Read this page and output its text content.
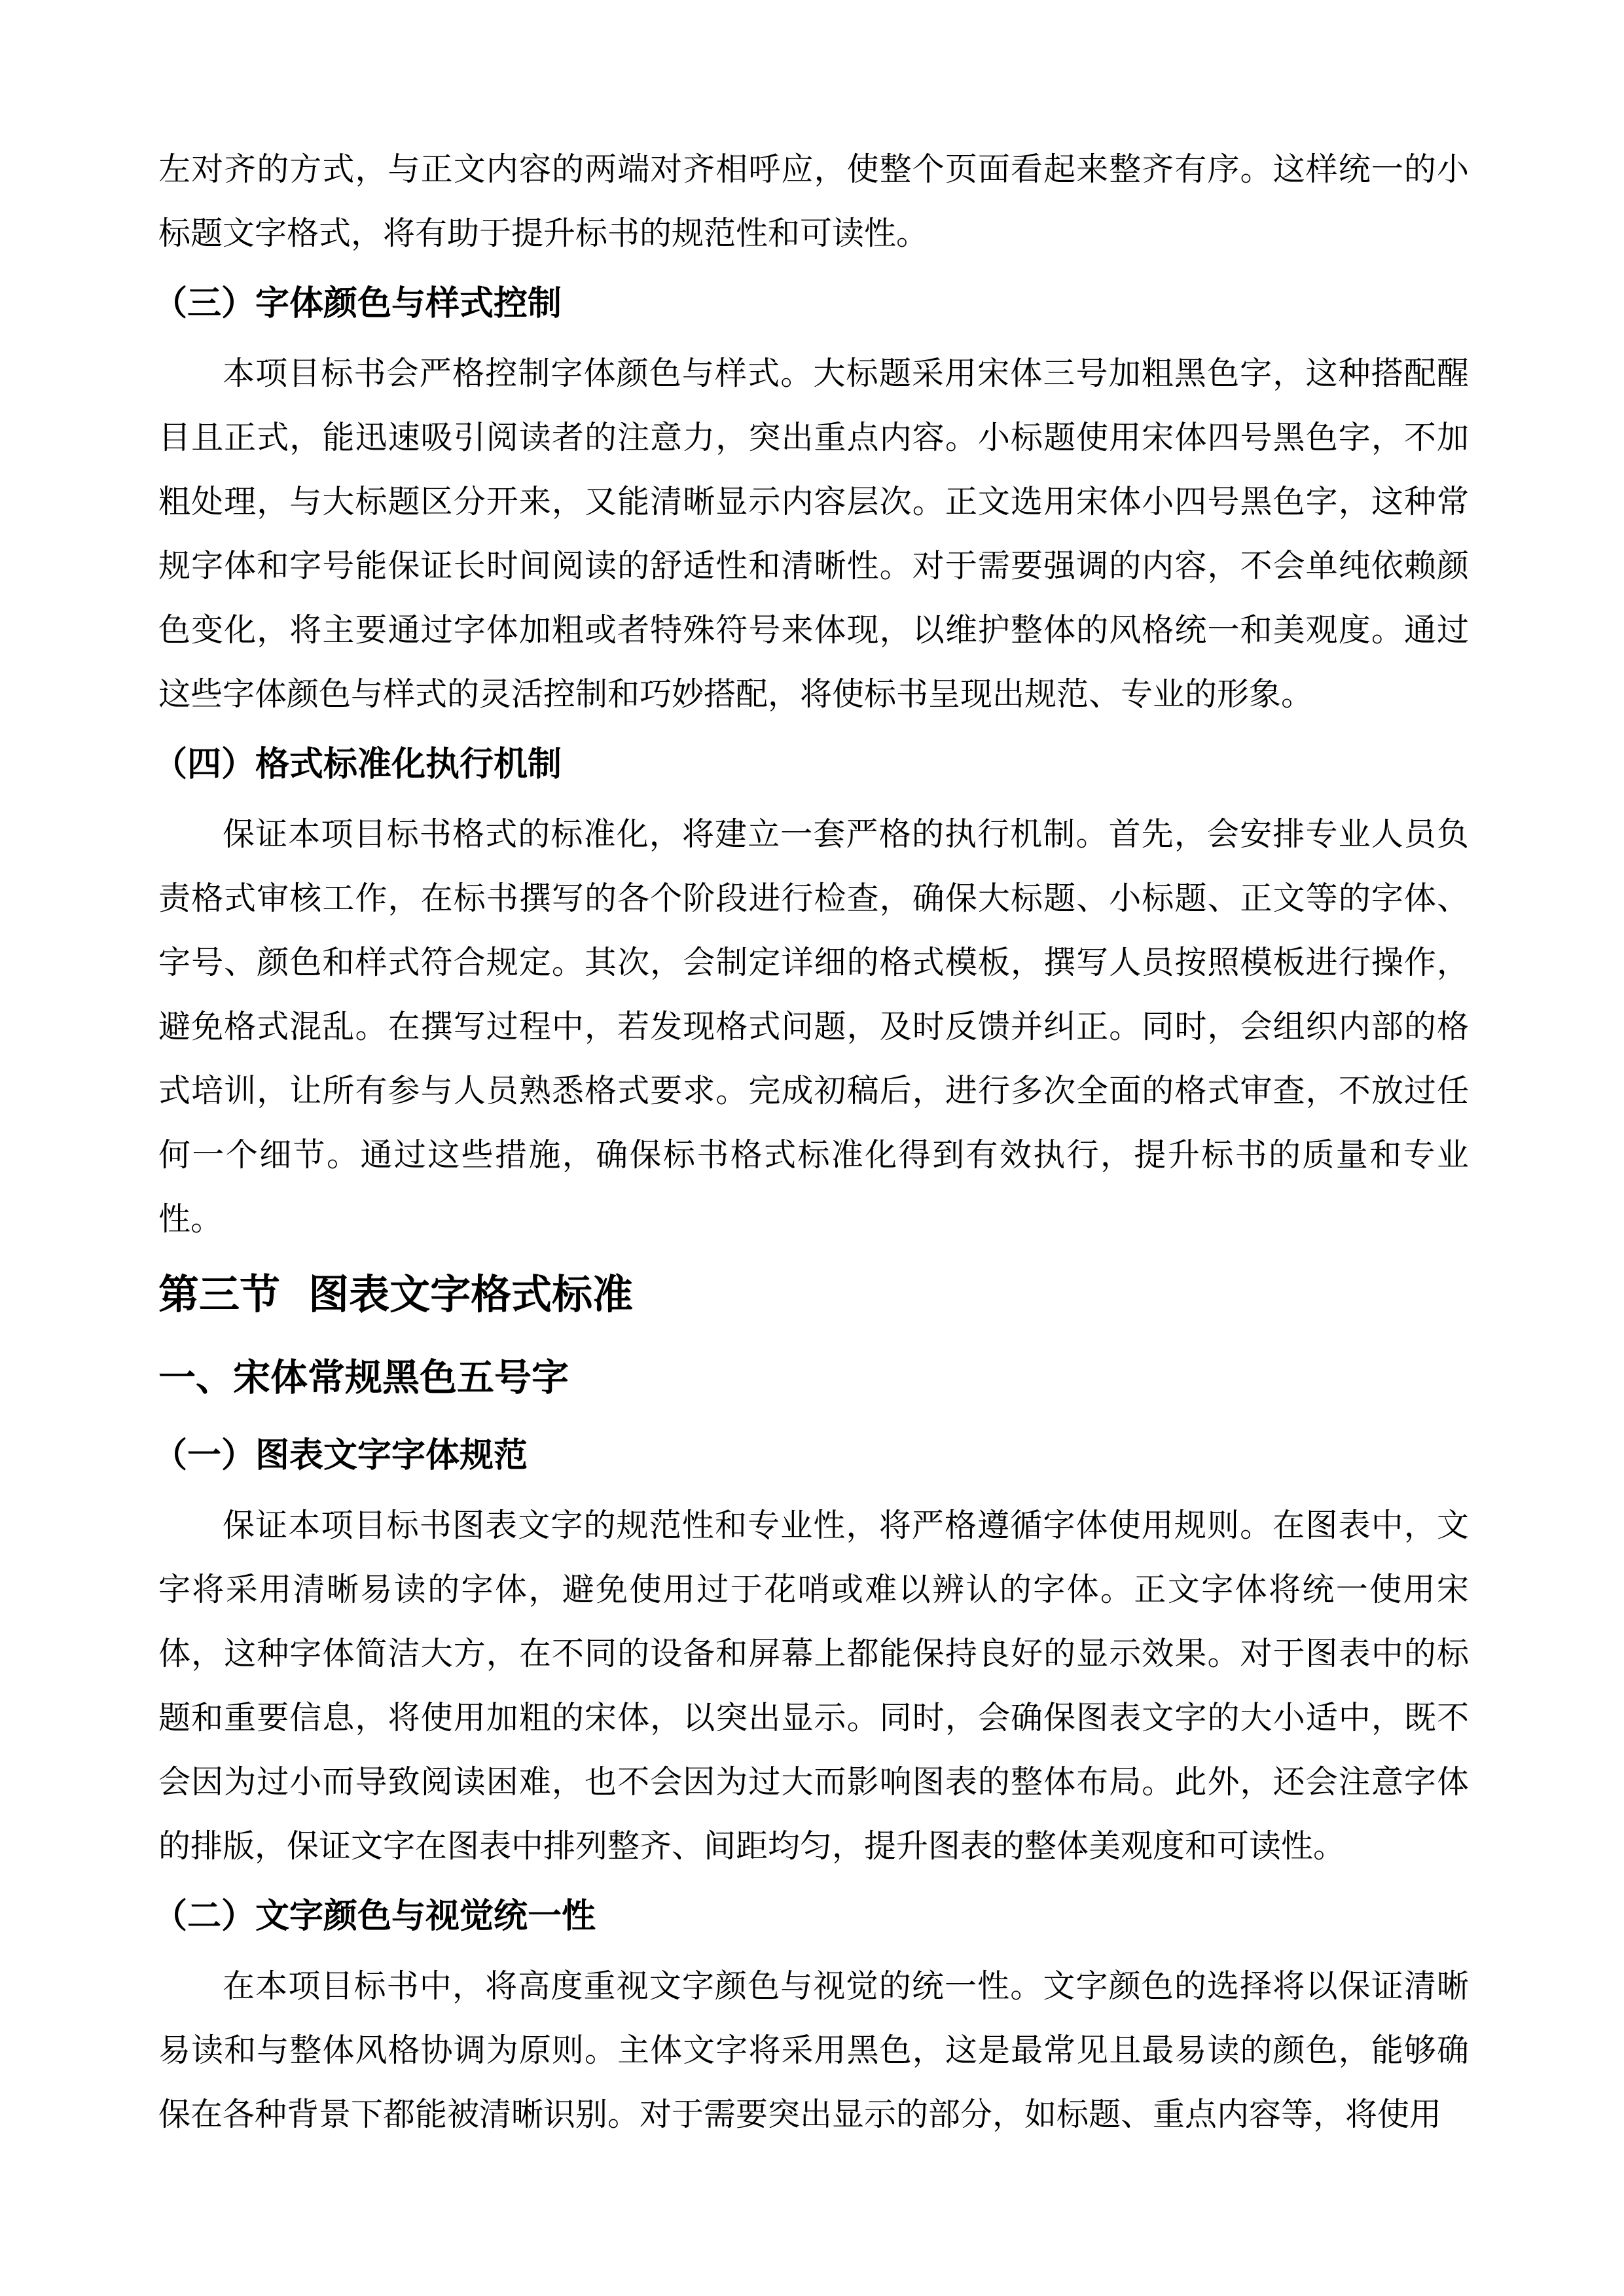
左对齐的方式，与正文内容的两端对齐相呼应，使整个页面看起来整齐有序。这样统一的小标题文字格式，将有助于提升标书的规范性和可读性。

（三）字体颜色与样式控制

本项目标书会严格控制字体颜色与样式。大标题采用宋体三号加粗黑色字，这种搭配醒目且正式，能迅速吸引阅读者的注意力，突出重点内容。小标题使用宋体四号黑色字，不加粗处理，与大标题区分开来，又能清晰显示内容层次。正文选用宋体小四号黑色字，这种常规字体和字号能保证长时间阅读的舒适性和清晰性。对于需要强调的内容，不会单纯依赖颜色变化，将主要通过字体加粗或者特殊符号来体现，以维护整体的风格统一和美观度。通过这些字体颜色与样式的灵活控制和巧妙搭配，将使标书呈现出规范、专业的形象。

（四）格式标准化执行机制

保证本项目标书格式的标准化，将建立一套严格的执行机制。首先，会安排专业人员负责格式审核工作，在标书撰写的各个阶段进行检查，确保大标题、小标题、正文等的字体、字号、颜色和样式符合规定。其次，会制定详细的格式模板，撰写人员按照模板进行操作，避免格式混乱。在撰写过程中，若发现格式问题，及时反馈并纠正。同时，会组织内部的格式培训，让所有参与人员熟悉格式要求。完成初稿后，进行多次全面的格式审查，不放过任何一个细节。通过这些措施，确保标书格式标准化得到有效执行，提升标书的质量和专业性。

第三节  图表文字格式标准
一、宋体常规黑色五号字
（一）图表文字字体规范

保证本项目标书图表文字的规范性和专业性，将严格遵循字体使用规则。在图表中，文字将采用清晰易读的字体，避免使用过于花哨或难以辨认的字体。正文字体将统一使用宋体，这种字体简洁大方，在不同的设备和屏幕上都能保持良好的显示效果。对于图表中的标题和重要信息，将使用加粗的宋体，以突出显示。同时，会确保图表文字的大小适中，既不会因为过小而导致阅读困难，也不会因为过大而影响图表的整体布局。此外，还会注意字体的排版，保证文字在图表中排列整齐、间距均匀，提升图表的整体美观度和可读性。

（二）文字颜色与视觉统一性

在本项目标书中，将高度重视文字颜色与视觉的统一性。文字颜色的选择将以保证清晰易读和与整体风格协调为原则。主体文字将采用黑色，这是最常见且最易读的颜色，能够确保在各种背景下都能被清晰识别。对于需要突出显示的部分，如标题、重点内容等，将使用
